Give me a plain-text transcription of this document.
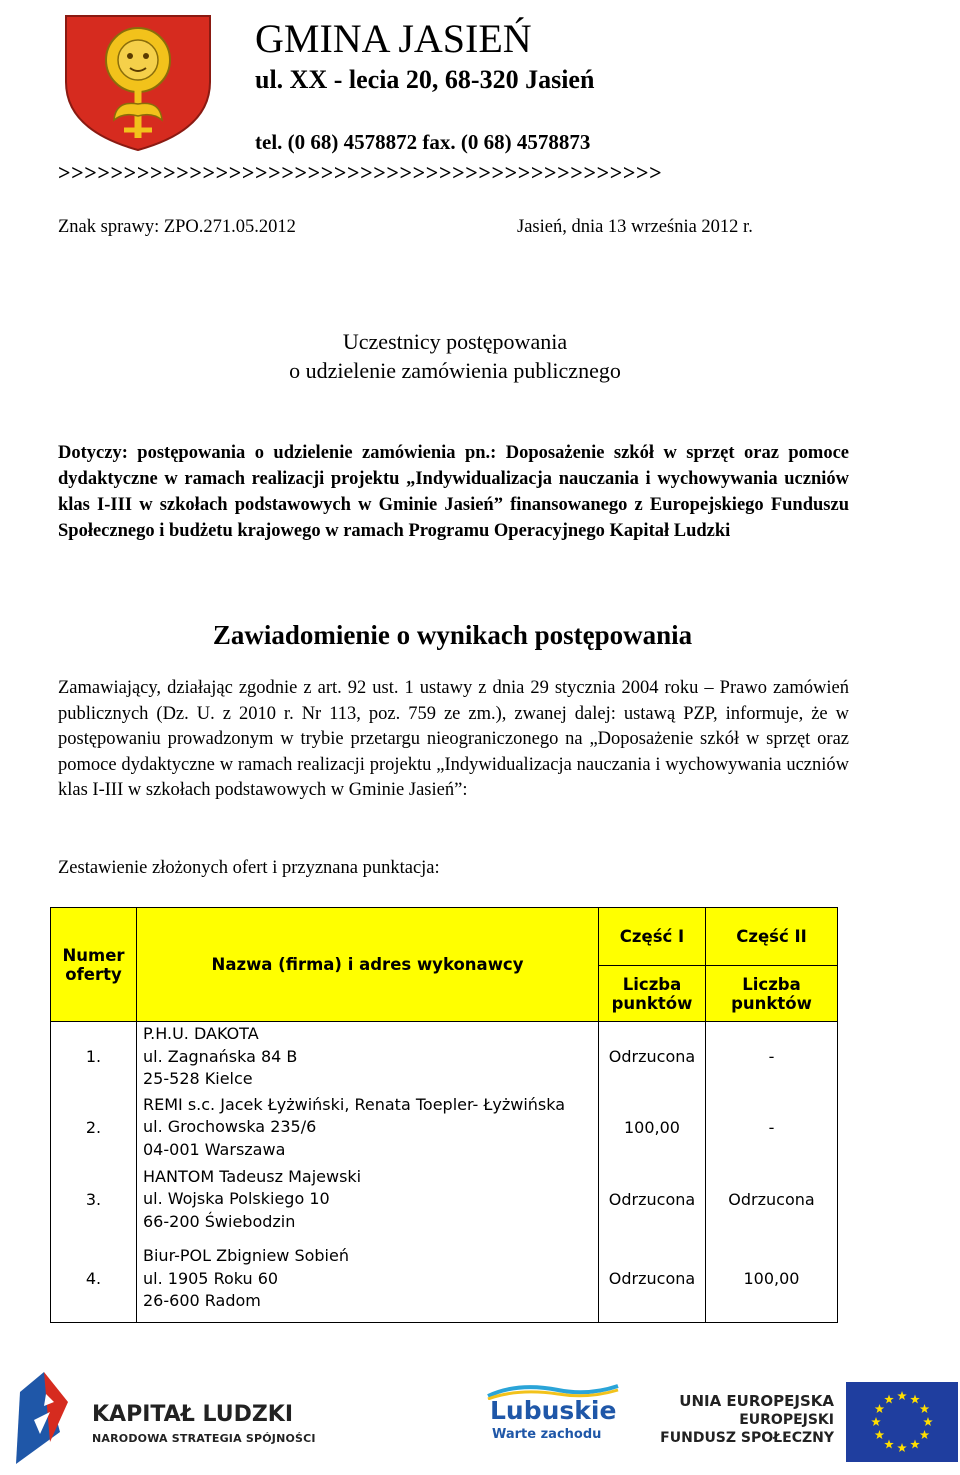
GMINA JASIEŃ
ul. XX - lecia 20, 68-320 Jasień
tel. (0 68) 4578872 fax. (0 68) 4578873
>>>>>>>>>>>>>>>>>>>>>>>>>>>>>>>>>>>>>>>>>>>>>>
Znak sprawy: ZPO.271.05.2012	Jasień, dnia 13 września 2012 r.
Uczestnicy postępowania
o udzielenie zamówienia publicznego
Dotyczy: postępowania o udzielenie zamówienia pn.: Doposażenie szkół w sprzęt oraz pomoce dydaktyczne w ramach realizacji projektu „Indywidualizacja nauczania i wychowywania uczniów klas I-III w szkołach podstawowych w Gminie Jasień” finansowanego z Europejskiego Funduszu Społecznego i budżetu krajowego w ramach Programu Operacyjnego Kapitał Ludzki
Zawiadomienie o wynikach postępowania
Zamawiający, działając zgodnie z art. 92 ust. 1 ustawy z dnia 29 stycznia 2004 roku – Prawo zamówień publicznych (Dz. U. z 2010 r. Nr 113, poz. 759 ze zm.), zwanej dalej: ustawą PZP, informuje, że w postępowaniu prowadzonym w trybie przetargu nieograniczonego na „Doposażenie szkół w sprzęt oraz pomoce dydaktyczne w ramach realizacji projektu „Indywidualizacja nauczania i wychowywania uczniów klas I-III w szkołach podstawowych w Gminie Jasień”:
Zestawienie złożonych ofert i przyznana punktacja:
Numer oferty	Nazwa (firma) i adres wykonawcy	Część I	Część II
		Liczba punktów	Liczba punktów
1.	P.H.U. DAKOTA
ul. Zagnańska 84 B
25-528 Kielce	Odrzucona	-
2.	REMI s.c. Jacek Łyżwiński, Renata Toepler- Łyżwińska
ul. Grochowska 235/6
04-001 Warszawa	100,00	-
3.	HANTOM Tadeusz Majewski
ul. Wojska Polskiego 10
66-200 Świebodzin	Odrzucona	Odrzucona
4.	Biur-POL Zbigniew Sobień
ul. 1905 Roku 60
26-600 Radom	Odrzucona	100,00
KAPITAŁ LUDZKI
NARODOWA STRATEGIA SPÓJNOŚCI
Lubuskie
Warte zachodu
UNIA EUROPEJSKA
EUROPEJSKI
FUNDUSZ SPOŁECZNY
